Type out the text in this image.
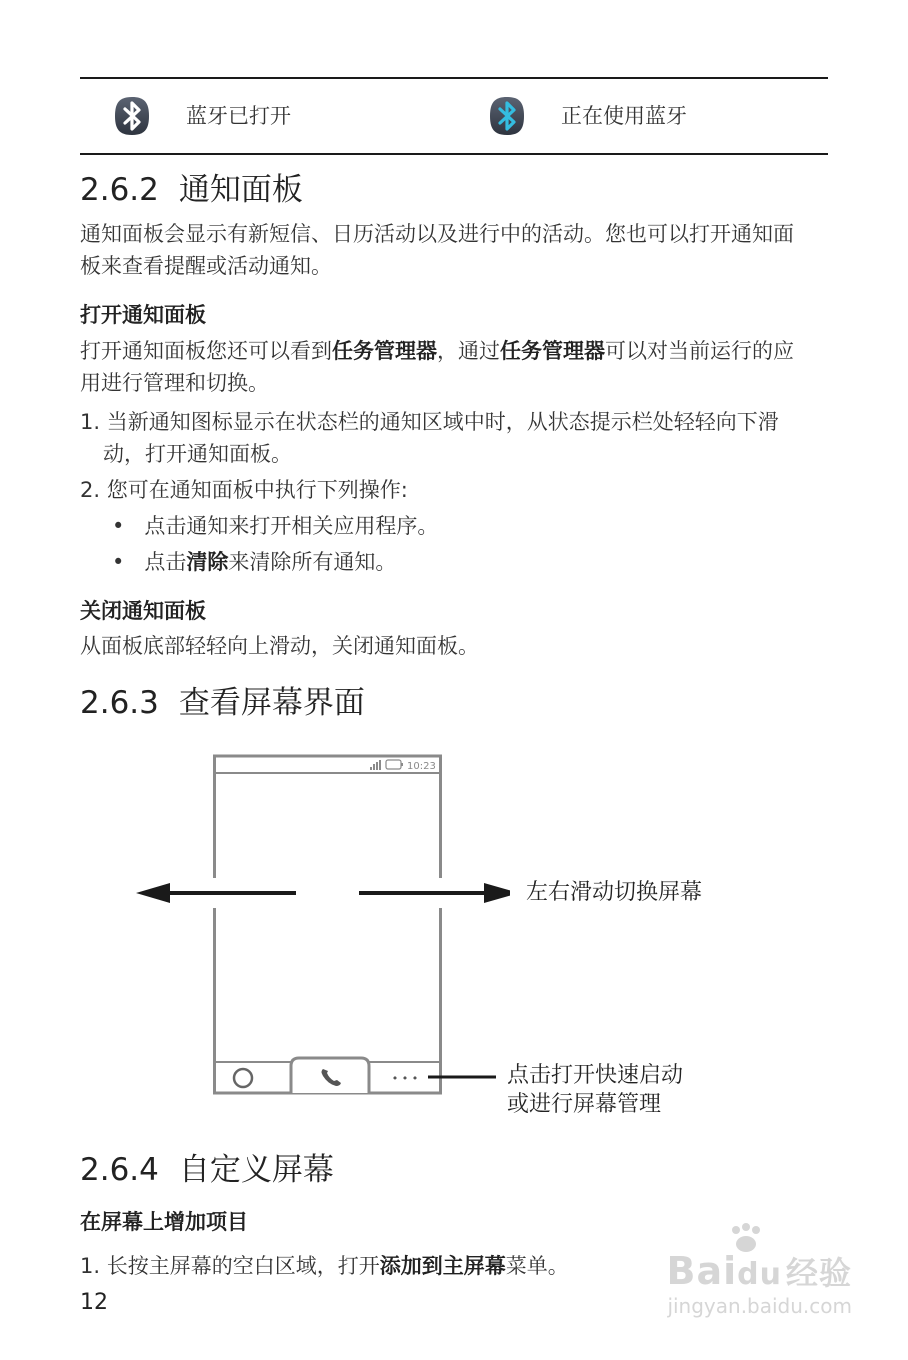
蓝牙已打开	正在使用蓝牙
2.6.2 通知面板
通知面板会显示有新短信、日历活动以及进行中的活动。您也可以打开通知面
板来查看提醒或活动通知。
打开通知面板
打开通知面板您还可以看到任务管理器，通过任务管理器可以对当前运行的应
用进行管理和切换。
1. 当新通知图标显示在状态栏的通知区域中时，从状态提示栏处轻轻向下滑
动，打开通知面板。
2. 您可在通知面板中执行下列操作:
• 点击通知来打开相关应用程序。
• 点击清除来清除所有通知。
关闭通知面板
从面板底部轻轻向上滑动，关闭通知面板。
2.6.3 查看屏幕界面
10:23
• • •
左右滑动切换屏幕
点击打开快速启动
或进行屏幕管理
2.6.4 自定义屏幕
在屏幕上增加项目
1. 长按主屏幕的空白区域，打开添加到主屏幕菜单。
12
Baidu 经验
jingyan.baidu.com
